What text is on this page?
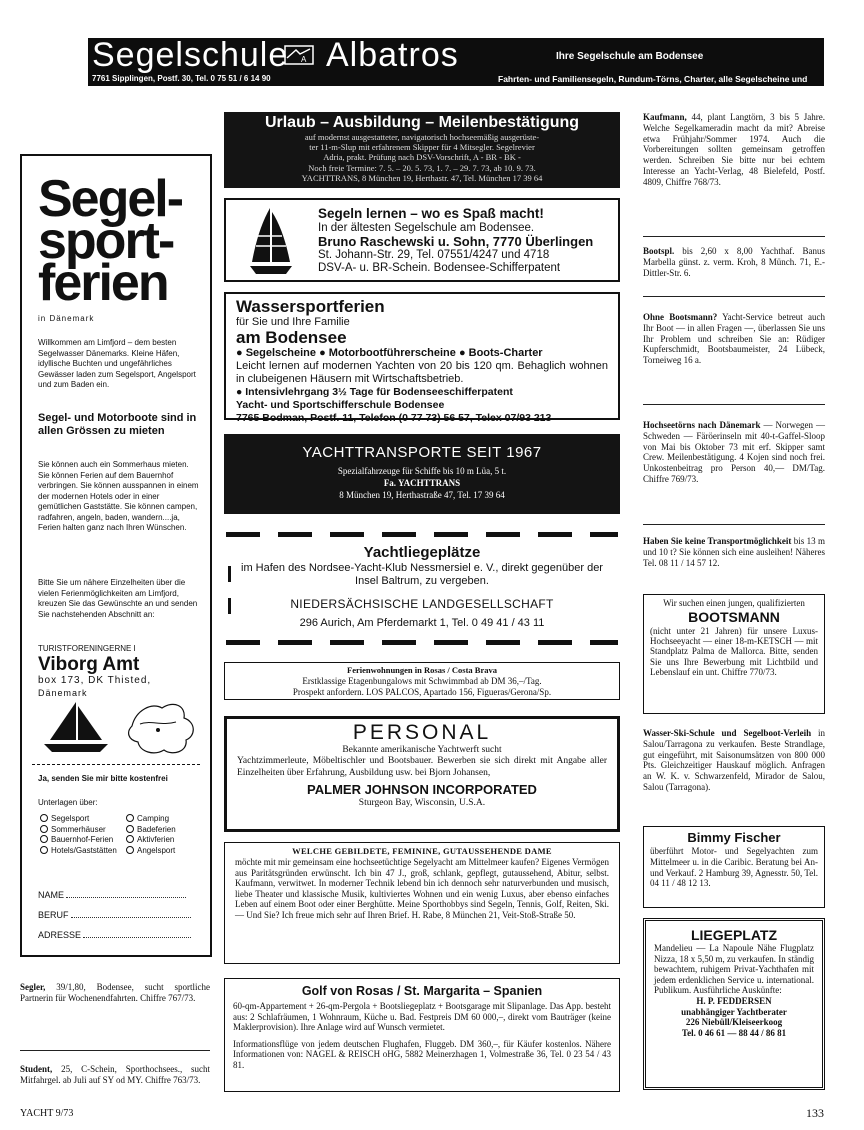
Segelschule A Albatros	Ihre Segelschule am Bodensee
7761 Sipplingen, Postf. 30, Tel. 0 75 51 / 6 14 90	Fahrten- und Familiensegeln, Rundum-Törns, Charter, alle Segelscheine und Patente
Segel-
sport-
ferien
in Dänemark
Willkommen am Limfjord – dem besten Segelwasser Dänemarks. Kleine Häfen, idyllische Buchten und ungefährliches Gewässer laden zum Segelsport, Angelsport und zum Baden ein.
Segel- und Motorboote sind in allen Grössen zu mieten
Sie können auch ein Sommerhaus mieten. Sie können Ferien auf dem Bauernhof verbringen. Sie können ausspannen in einem der modernen Hotels oder in einer gemütlichen Gaststätte. Sie können campen, radfahren, angeln, baden, wandern....ja, Ferien halten ganz nach Ihren Wünschen.
Bitte Sie um nähere Einzelheiten über die vielen Ferienmöglichkeiten am Limfjord, kreuzen Sie das Gewünschte an und senden Sie nachstehenden Abschnitt an:
TURISTFORENINGERNE I
Viborg Amt
box 173, DK Thisted,
Dänemark
Ja, senden Sie mir bitte kostenfrei
Unterlagen über:
Segelsport
Sommerhäuser
Bauernhof-Ferien
Hotels/Gaststätten
Camping
Badeferien
Aktivferien
Angelsport
NAME
BERUF
ADRESSE
Segler, 39/1,80, Bodensee, sucht sportliche Partnerin für Wochenendfahrten. Chiffre 767/73.
Student, 25, C-Schein, Sporthochsees., sucht Mitfahrgel. ab Juli auf SY od MY. Chiffre 763/73.
Urlaub – Ausbildung – Meilenbestätigung
auf modernst ausgestatteter, navigatorisch hochseemäßig ausgerüste-
ter 11-m-Slup mit erfahrenem Skipper für 4 Mitsegler. Segelrevier
Adria, prakt. Prüfung nach DSV-Vorschrift, A - BR - BK -
Noch freie Termine: 7. 5. – 20. 5. 73, 1. 7. – 29. 7. 73, ab 10. 9. 73.
YACHTTRANS, 8 München 19, Herthastr. 47, Tel. München 17 39 64
Segeln lernen – wo es Spaß macht!
In der ältesten Segelschule am Bodensee.
Bruno Raschewski u. Sohn, 7770 Überlingen
St. Johann-Str. 29, Tel. 07551/4247 und 4718
DSV-A- u. BR-Schein. Bodensee-Schifferpatent
Wassersportferien
für Sie und Ihre Familie
am Bodensee
● Segelscheine ● Motorbootführerscheine ● Boots-Charter
Leicht lernen auf modernen Yachten von 20 bis 120 qm. Behaglich wohnen in clubeigenen Häusern mit Wirtschaftsbetrieb.
● Intensivlehrgang 3½ Tage für Bodenseeschifferpatent
Yacht- und Sportschifferschule Bodensee
7765 Bodman, Postf. 11, Telefon (0 77 73) 56 57, Telex 07/93 213
YACHTTRANSPORTE SEIT 1967
Spezialfahrzeuge für Schiffe bis 10 m Lüa, 5 t.
Fa. YACHTTRANS
8 München 19, Herthastraße 47, Tel. 17 39 64
Yachtliegeplätze
im Hafen des Nordsee-Yacht-Klub Nessmersiel e. V., direkt gegenüber der Insel Baltrum, zu vergeben.
NIEDERSÄCHSISCHE LANDGESELLSCHAFT
296 Aurich, Am Pferdemarkt 1, Tel. 0 49 41 / 43 11
Ferienwohnungen in Rosas / Costa Brava
Erstklassige Etagenbungalows mit Schwimmbad ab DM 36,–/Tag.
Prospekt anfordern. LOS PALCOS, Apartado 156, Figueras/Gerona/Sp.
PERSONAL
Bekannte amerikanische Yachtwerft sucht
Yachtzimmerleute, Möbeltischler und Bootsbauer. Bewerben sie sich direkt mit Angabe aller Einzelheiten über Erfahrung, Ausbildung usw. bei Bjorn Johansen,
PALMER JOHNSON INCORPORATED
Sturgeon Bay, Wisconsin, U.S.A.
WELCHE GEBILDETE, FEMININE, GUTAUSSEHENDE DAME
möchte mit mir gemeinsam eine hochseetüchtige Segelyacht am Mittelmeer kaufen? Eigenes Vermögen aus Paritätsgründen erwünscht. Ich bin 47 J., groß, schlank, gepflegt, gutaussehend, Abitur, selbst. Kaufmann, verwitwet. In moderner Technik lebend bin ich dennoch sehr naturverbunden und musisch, liebe Theater und klassische Musik, kultiviertes Wohnen und ein wenig Luxus, aber ebenso einfaches Leben auf einem Boot oder einer Berghütte. Meine Sporthobbys sind Segeln, Tennis, Golf, Reiten, Ski. — Und Sie? Ich freue mich sehr auf Ihren Brief. H. Rabe, 8 München 21, Veit-Stoß-Straße 50.
Golf von Rosas / St. Margarita – Spanien
60-qm-Appartement + 26-qm-Pergola + Bootsliegeplatz + Bootsgarage mit Slipanlage. Das App. besteht aus: 2 Schlafräumen, 1 Wohnraum, Küche u. Bad. Festpreis DM 60 000,–, direkt vom Bauträger (keine Maklerprovision). Ihre Anlage wird auf Wunsch vermietet.
Informationsflüge von jedem deutschen Flughafen, Fluggeb. DM 360,–, für Käufer kostenlos. Nähere Informationen von: NAGEL & REISCH oHG, 5882 Meinerzhagen 1, Volmestraße 36, Tel. 0 23 54 / 43 81.
Kaufmann, 44, plant Langtörn, 3 bis 5 Jahre. Welche Segelkameradin macht da mit? Abreise etwa Frühjahr/Sommer 1974. Auch die Vorbereitungen sollten gemeinsam getroffen werden. Schreiben Sie bitte nur bei echtem Interesse an Yacht-Verlag, 48 Bielefeld, Postf. 4809, Chiffre 768/73.
Bootspl. bis 2,60 x 8,00 Yachthaf. Banus Marbella günst. z. verm. Kroh, 8 Münch. 71, E.-Dittler-Str. 6.
Ohne Bootsmann? Yacht-Service betreut auch Ihr Boot — in allen Fragen —, überlassen Sie uns Ihr Problem und schreiben Sie an: Rüdiger Kupferschmidt, Bootsbaumeister, 24 Lübeck, Torneiweg 16 a.
Hochseetörns nach Dänemark — Norwegen — Schweden — Färöerinseln mit 40-t-Gaffel-Sloop von Mai bis Oktober 73 mit erf. Skipper samt Crew. Meilenbestätigung. 4 Kojen sind noch frei. Unkostenbeitrag pro Person 40,— DM/Tag. Chiffre 769/73.
Haben Sie keine Transportmöglichkeit bis 13 m und 10 t? Sie können sich eine ausleihen! Näheres Tel. 08 11 / 14 57 12.
Wir suchen einen jungen, qualifizierten
BOOTSMANN
(nicht unter 21 Jahren) für unsere Luxus-Hochseeyacht — einer 18-m-KETSCH — mit Standplatz Palma de Mallorca. Bitte, senden Sie uns Ihre Bewerbung mit Lichtbild und Lebenslauf ein unt. Chiffre 770/73.
Wasser-Ski-Schule und Segelboot-Verleih in Salou/Tarragona zu verkaufen. Beste Strandlage, gut eingeführt, mit Saisonumsätzen von 800 000 Pts. Gleichzeitiger Hauskauf möglich. Anfragen an W. K. v. Schwarzenfeld, Mirador de Salou, Salou (Tarragona).
Bimmy Fischer
überführt Motor- und Segelyachten zum Mittelmeer u. in die Caribic. Beratung bei An- und Verkauf. 2 Hamburg 39, Agnesstr. 50, Tel. 04 11 / 48 12 13.
LIEGEPLATZ
Mandelieu — La Napoule Nähe Flugplatz Nizza, 18 x 5,50 m, zu verkaufen. In ständig bewachtem, ruhigem Privat-Yachthafen mit jedem erdenklichen Service u. international. Publikum. Ausführliche Auskünfte:
H. P. FEDDERSEN
unabhängiger Yachtberater
226 Niebüll/Kleiseerkoog
Tel. 0 46 61 — 88 44 / 86 81
YACHT 9/73	133
